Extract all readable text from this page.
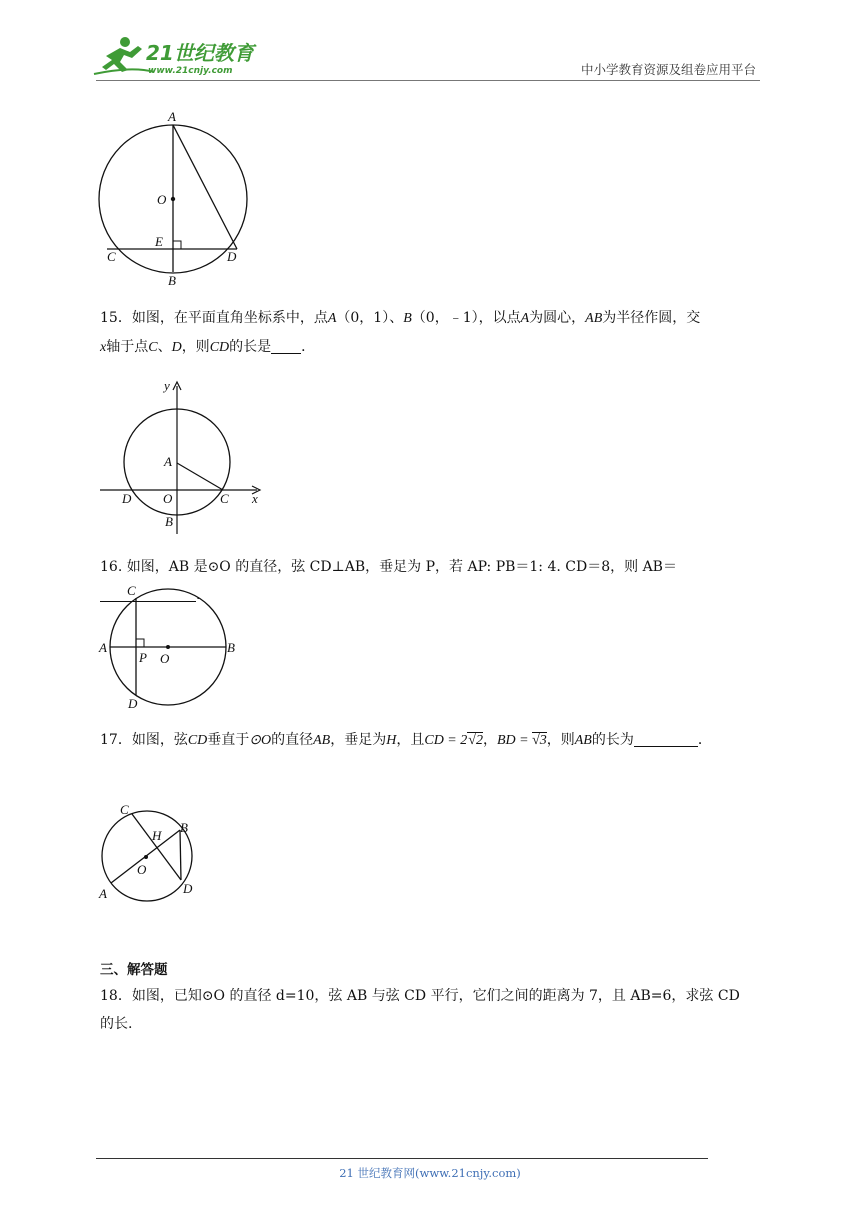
21世纪教育
www.21cnjy.com	中小学教育资源及组卷应用平台
A
O
E
C	D
B
15．如图，在平面直角坐标系中，点A（0，1）、B（0，﹣1），以点A为圆心，AB为半径作圆，交
x轴于点C、D，则CD的长是 ．
y
A
D O	C x
B
16. 如图，AB 是⊙O 的直径，弦 CD⊥AB，垂足为 P，若 AP: PB＝1: 4. CD＝8，则 AB＝.
C
A
P O
B
D
17．如图，弦CD垂直于⊙O的直径AB，垂足为H，且CD = 2√2，BD = √3，则AB的长为	．
C
H
B
O
A	D
三、解答题
18．如图，已知⊙O 的直径 d=10，弦 AB 与弦 CD 平行，它们之间的距离为 7，且 AB=6，求弦 CD
的长.
21 世纪教育网(www.21cnjy.com)
